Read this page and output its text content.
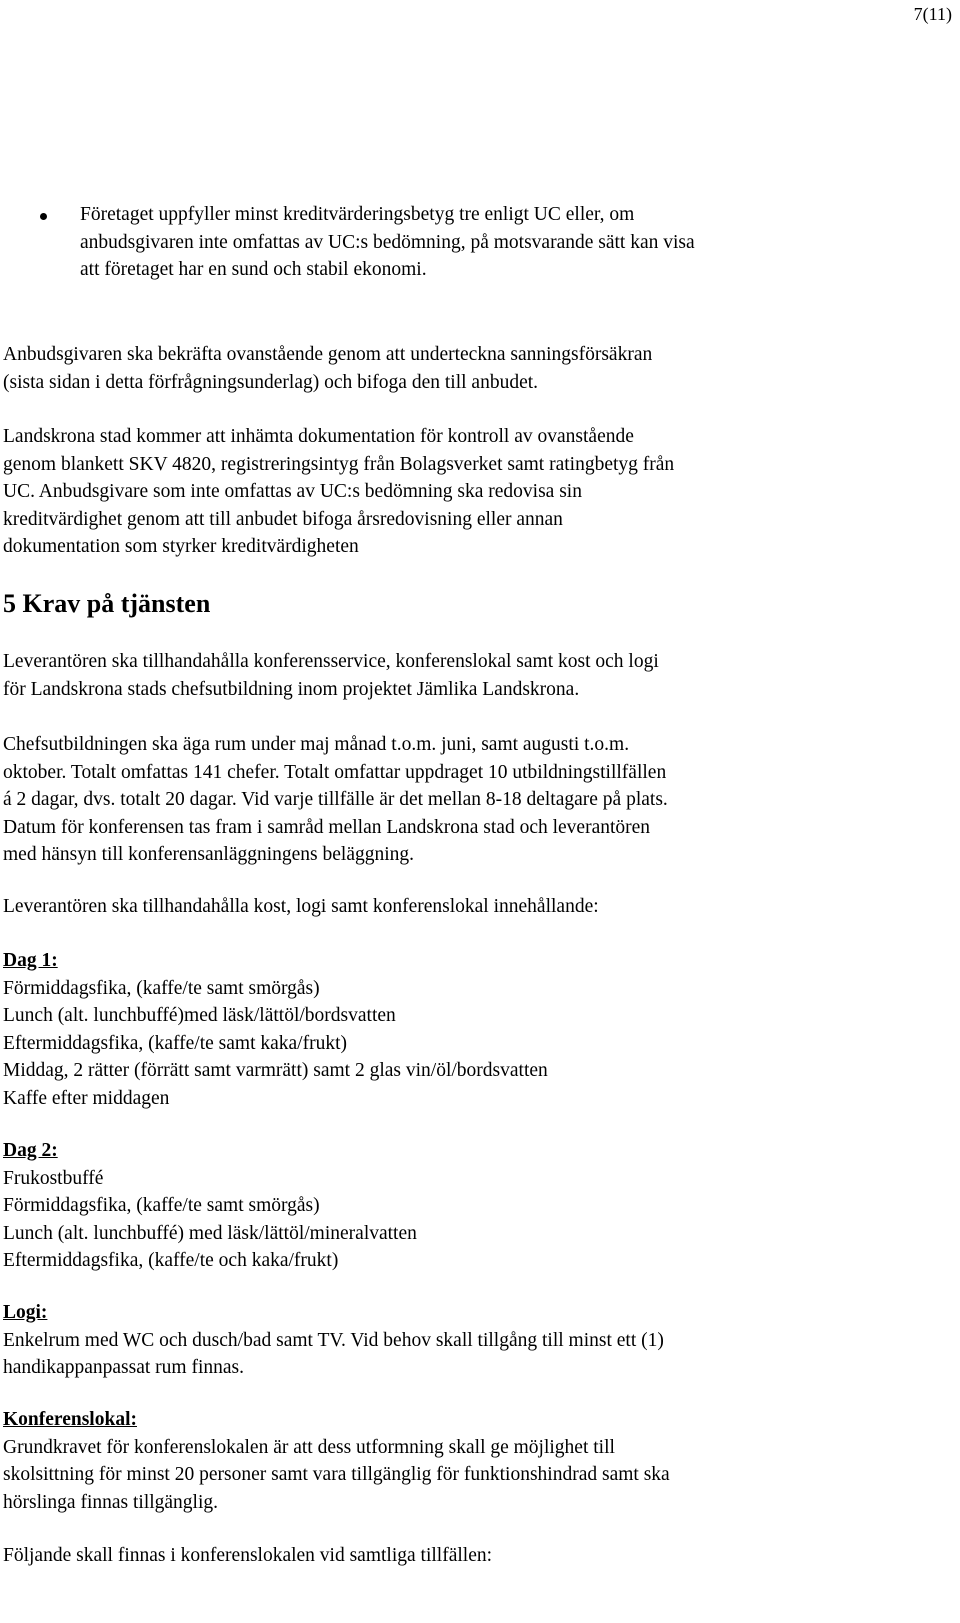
7(11)
Företaget uppfyller minst kreditvärderingsbetyg tre enligt UC eller, om
anbudsgivaren inte omfattas av UC:s bedömning, på motsvarande sätt kan visa
att företaget har en sund och stabil ekonomi.
Anbudsgivaren ska bekräfta ovanstående genom att underteckna sanningsförsäkran
(sista sidan i detta förfrågningsunderlag) och bifoga den till anbudet.
Landskrona stad kommer att inhämta dokumentation för kontroll av ovanstående
genom blankett SKV 4820, registreringsintyg från Bolagsverket samt ratingbetyg från
UC. Anbudsgivare som inte omfattas av UC:s bedömning ska redovisa sin
kreditvärdighet genom att till anbudet bifoga årsredovisning eller annan
dokumentation som styrker kreditvärdigheten
5 Krav på tjänsten
Leverantören ska tillhandahålla konferensservice, konferenslokal samt kost och logi
för Landskrona stads chefsutbildning inom projektet Jämlika Landskrona.
Chefsutbildningen ska äga rum under maj månad t.o.m. juni, samt augusti t.o.m.
oktober. Totalt omfattas 141 chefer. Totalt omfattar uppdraget 10 utbildningstillfällen
á 2 dagar, dvs. totalt 20 dagar. Vid varje tillfälle är det mellan 8-18 deltagare på plats.
Datum för konferensen tas fram i samråd mellan Landskrona stad och leverantören
med hänsyn till konferensanläggningens beläggning.
Leverantören ska tillhandahålla kost, logi samt konferenslokal innehållande:
Dag 1:
Förmiddagsfika, (kaffe/te samt smörgås)
Lunch (alt. lunchbuffé)med läsk/lättöl/bordsvatten
Eftermiddagsfika, (kaffe/te samt kaka/frukt)
Middag, 2 rätter (förrätt samt varmrätt) samt 2 glas vin/öl/bordsvatten
Kaffe efter middagen
Dag 2:
Frukostbuffé
Förmiddagsfika, (kaffe/te samt smörgås)
Lunch (alt. lunchbuffé) med läsk/lättöl/mineralvatten
Eftermiddagsfika, (kaffe/te och kaka/frukt)
Logi:
Enkelrum med WC och dusch/bad samt TV. Vid behov skall tillgång till minst ett (1)
handikappanpassat rum finnas.
Konferenslokal:
Grundkravet för konferenslokalen är att dess utformning skall ge möjlighet till
skolsittning för minst 20 personer samt vara tillgänglig för funktionshindrad samt ska
hörslinga finnas tillgänglig.
Följande skall finnas i konferenslokalen vid samtliga tillfällen:
